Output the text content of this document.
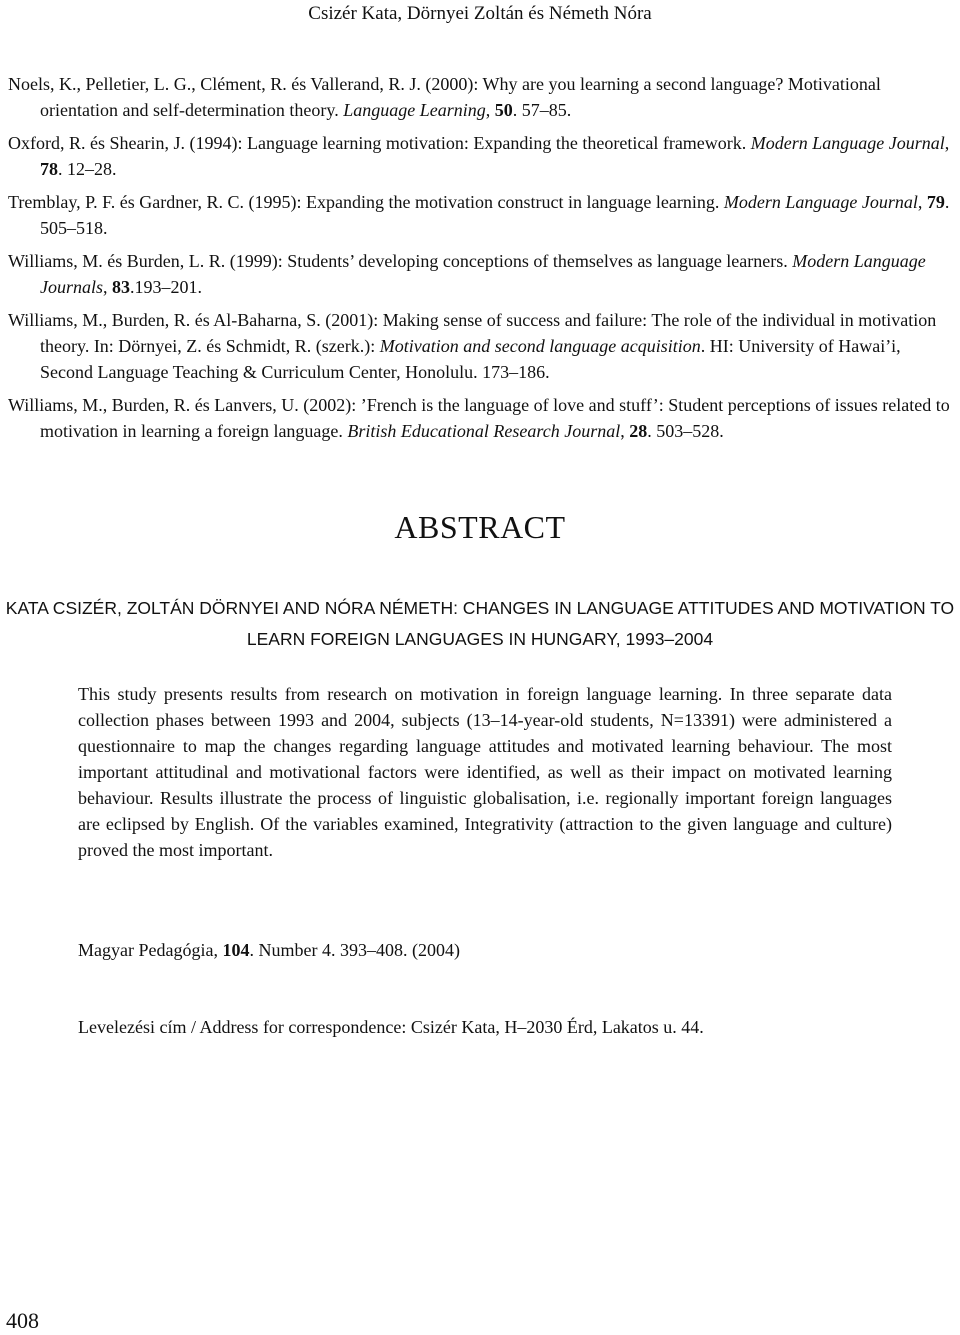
Csizér Kata, Dörnyei Zoltán és Németh Nóra

Noels, K., Pelletier, L. G., Clément, R. és Vallerand, R. J. (2000): Why are you learning a second language? Motivational orientation and self-determination theory. Language Learning, 50. 57–85.

Oxford, R. és Shearin, J. (1994): Language learning motivation: Expanding the theoretical framework. Modern Language Journal, 78. 12–28.

Tremblay, P. F. és Gardner, R. C. (1995): Expanding the motivation construct in language learning. Modern Language Journal, 79. 505–518.

Williams, M. és Burden, L. R. (1999): Students’ developing conceptions of themselves as language learners. Modern Language Journals, 83.193–201.

Williams, M., Burden, R. és Al-Baharna, S. (2001): Making sense of success and failure: The role of the individual in motivation theory. In: Dörnyei, Z. és Schmidt, R. (szerk.): Motivation and second language acquisition. HI: University of Hawai’i, Second Language Teaching & Curriculum Center, Honolulu. 173–186.

Williams, M., Burden, R. és Lanvers, U. (2002): ’French is the language of love and stuff’: Student perceptions of issues related to motivation in learning a foreign language. British Educational Research Journal, 28. 503–528.

ABSTRACT
KATA CSIZÉR, ZOLTÁN DÖRNYEI AND NÓRA NÉMETH: CHANGES IN LANGUAGE ATTITUDES AND MOTIVATION TO LEARN FOREIGN LANGUAGES IN HUNGARY, 1993–2004
This study presents results from research on motivation in foreign language learning. In three separate data collection phases between 1993 and 2004, subjects (13–14-year-old students, N=13391) were administered a questionnaire to map the changes regarding language attitudes and motivated learning behaviour. The most important attitudinal and motivational factors were identified, as well as their impact on motivated learning behaviour. Results illustrate the process of linguistic globalisation, i.e. regionally important foreign languages are eclipsed by English. Of the variables examined, Integrativity (attraction to the given language and culture) proved the most important.
Magyar Pedagógia, 104. Number 4. 393–408. (2004)
Levelezési cím / Address for correspondence: Csizér Kata, H–2030 Érd, Lakatos u. 44.
408
